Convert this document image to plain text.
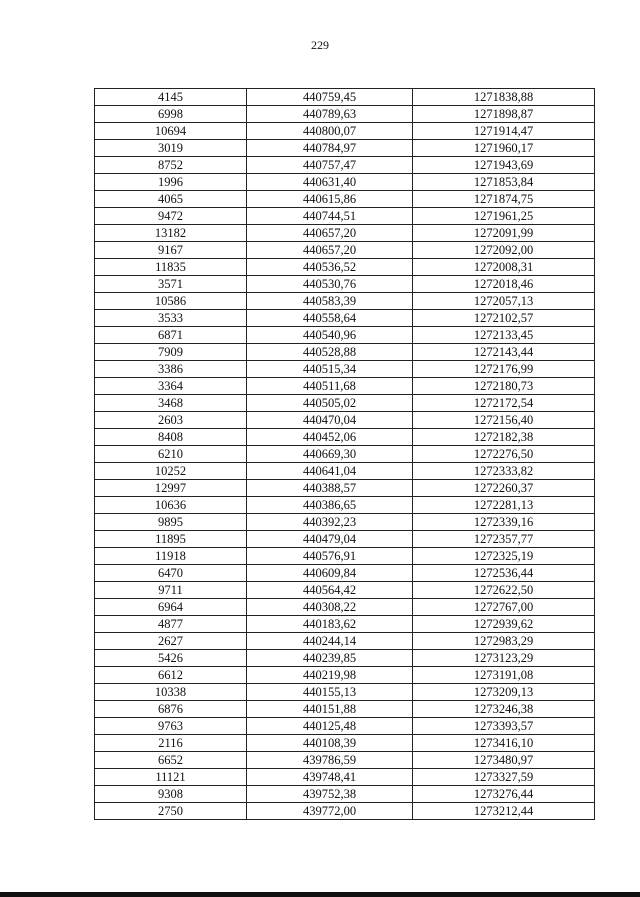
229
4145	440759,45	1271838,88
6998	440789,63	1271898,87
10694	440800,07	1271914,47
3019	440784,97	1271960,17
8752	440757,47	1271943,69
1996	440631,40	1271853,84
4065	440615,86	1271874,75
9472	440744,51	1271961,25
13182	440657,20	1272091,99
9167	440657,20	1272092,00
11835	440536,52	1272008,31
3571	440530,76	1272018,46
10586	440583,39	1272057,13
3533	440558,64	1272102,57
6871	440540,96	1272133,45
7909	440528,88	1272143,44
3386	440515,34	1272176,99
3364	440511,68	1272180,73
3468	440505,02	1272172,54
2603	440470,04	1272156,40
8408	440452,06	1272182,38
6210	440669,30	1272276,50
10252	440641,04	1272333,82
12997	440388,57	1272260,37
10636	440386,65	1272281,13
9895	440392,23	1272339,16
11895	440479,04	1272357,77
11918	440576,91	1272325,19
6470	440609,84	1272536,44
9711	440564,42	1272622,50
6964	440308,22	1272767,00
4877	440183,62	1272939,62
2627	440244,14	1272983,29
5426	440239,85	1273123,29
6612	440219,98	1273191,08
10338	440155,13	1273209,13
6876	440151,88	1273246,38
9763	440125,48	1273393,57
2116	440108,39	1273416,10
6652	439786,59	1273480,97
11121	439748,41	1273327,59
9308	439752,38	1273276,44
2750	439772,00	1273212,44
